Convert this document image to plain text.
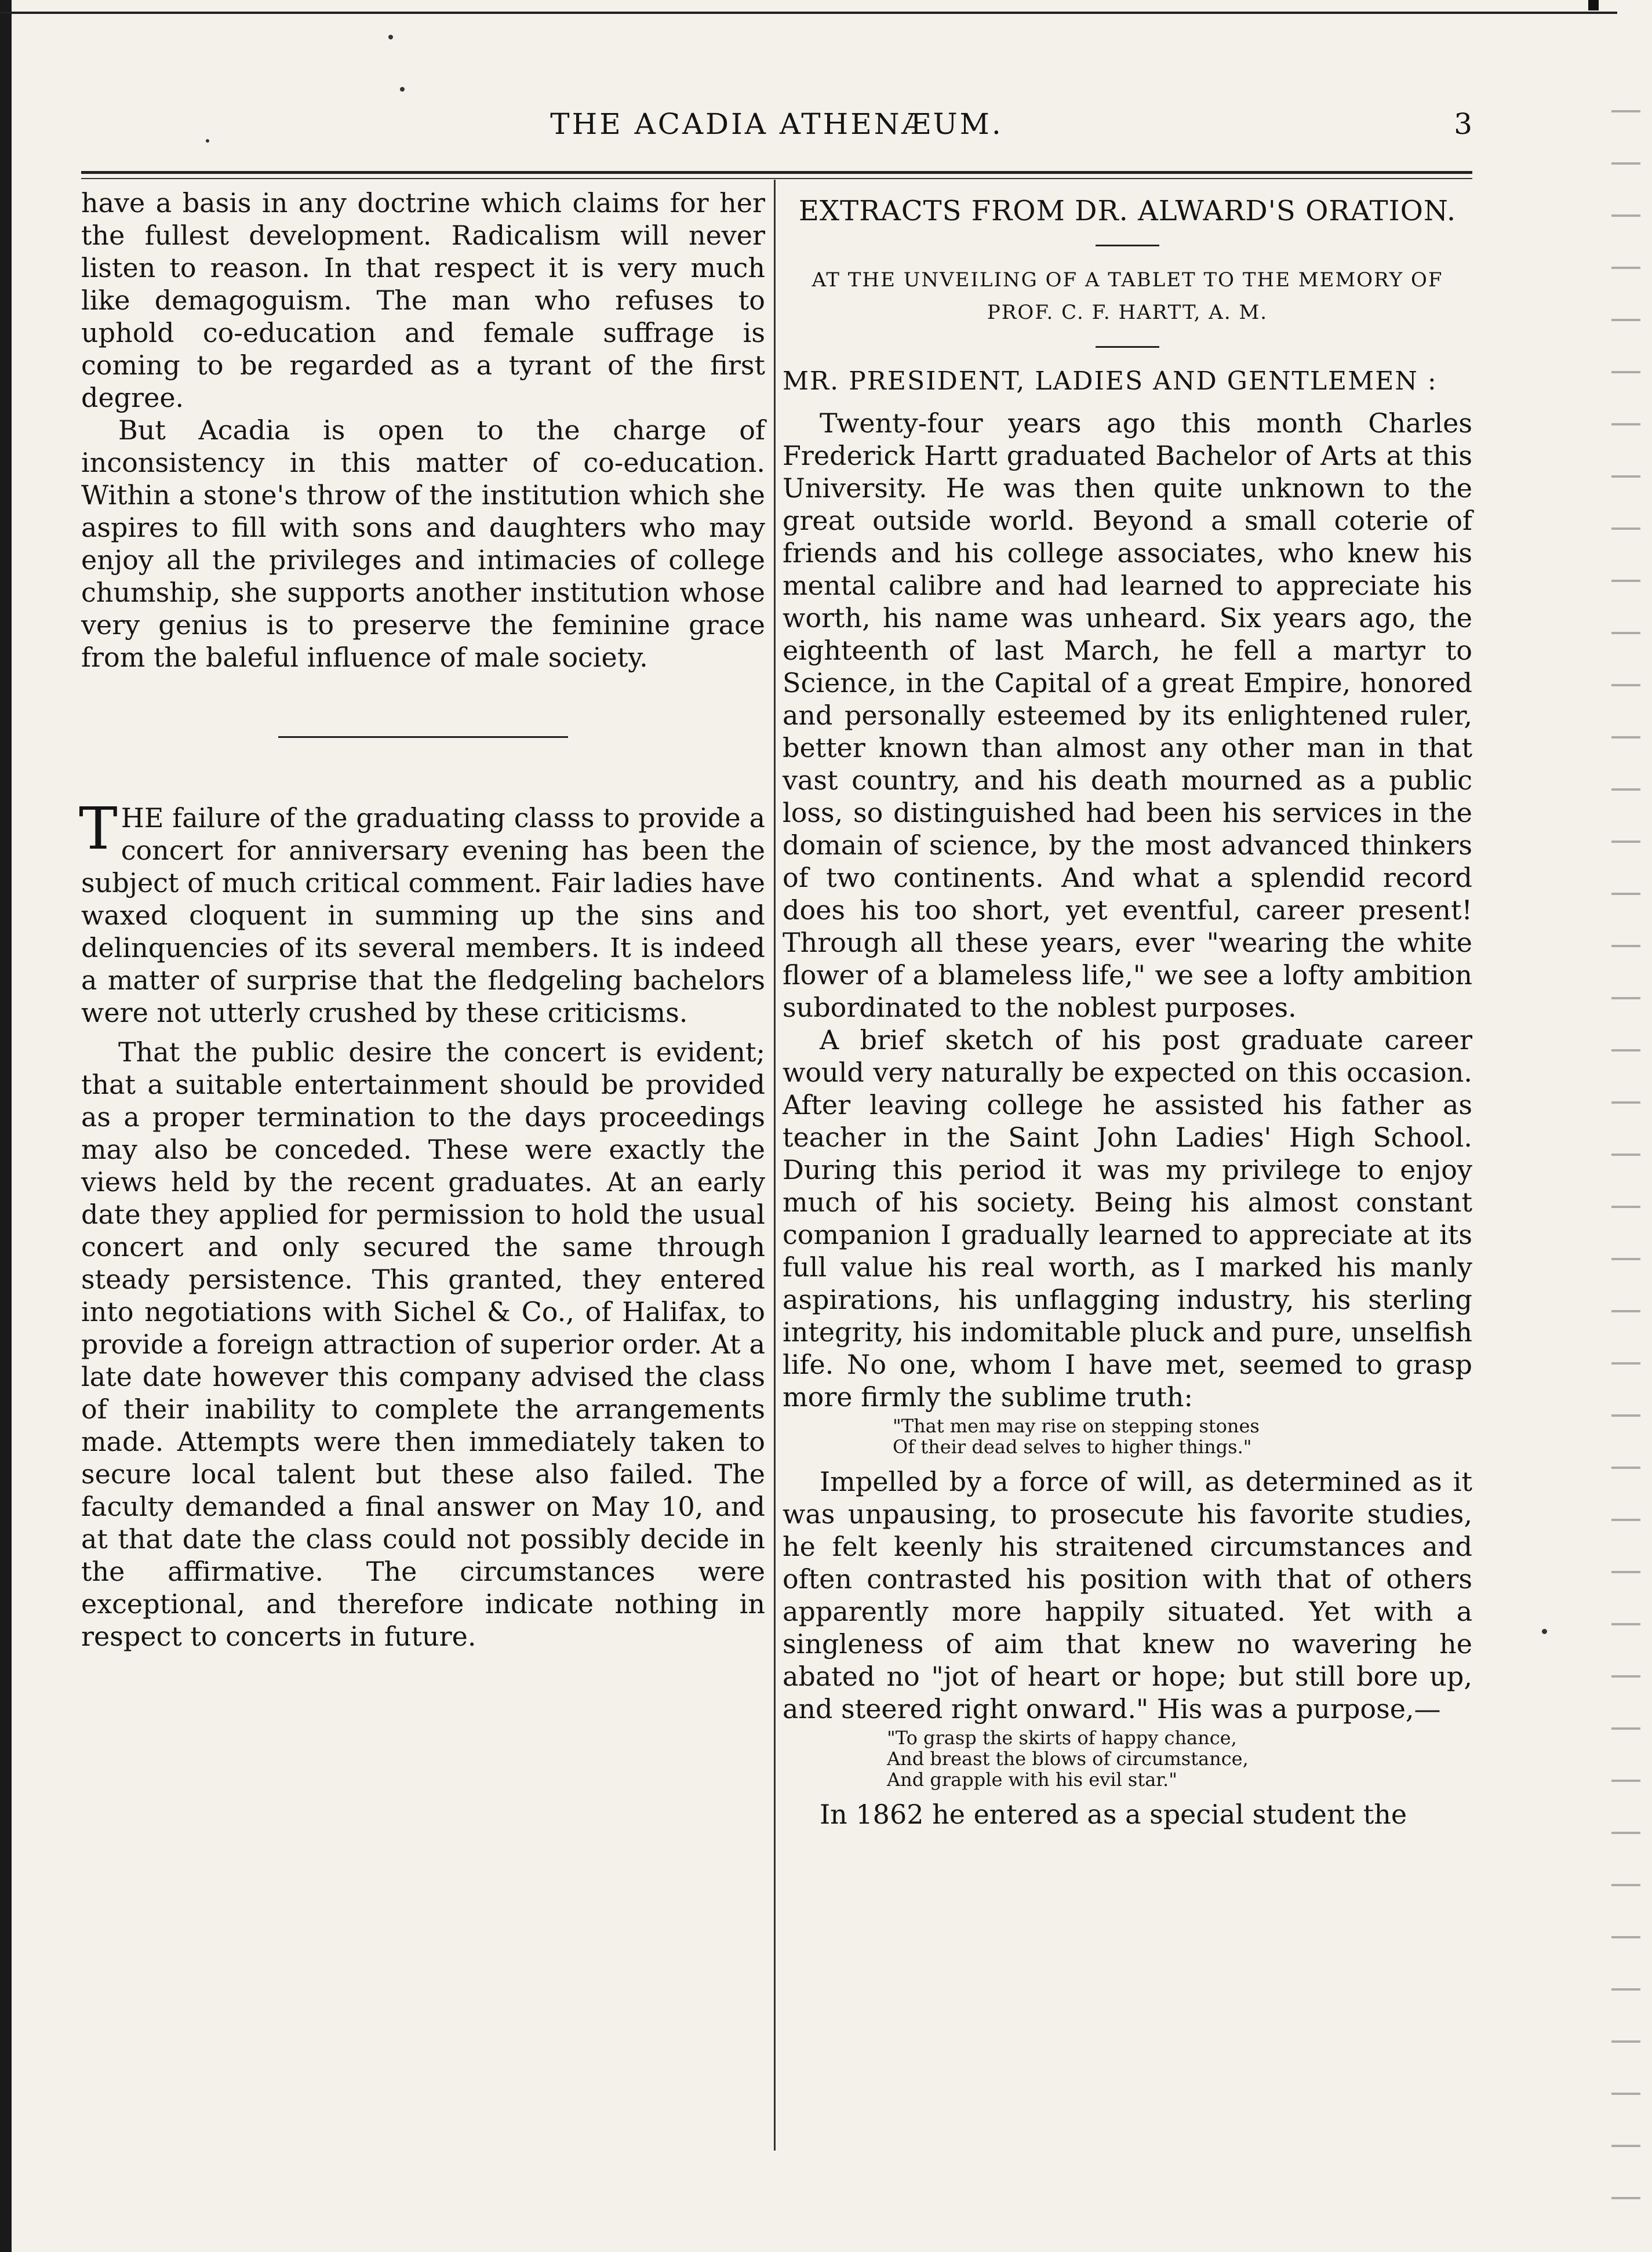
THE ACADIA ATHENÆUM.	3

have a basis in any doctrine which claims for her the fullest development. Radicalism will never listen to reason. In that respect it is very much like demagoguism. The man who refuses to uphold co-education and female suffrage is coming to be regarded as a tyrant of the first degree.

But Acadia is open to the charge of inconsistency in this matter of co-education. Within a stone's throw of the institution which she aspires to fill with sons and daughters who may enjoy all the privileges and intimacies of college chumship, she supports another institution whose very genius is to preserve the feminine grace from the baleful influence of male society.

THE failure of the graduating classs to provide a concert for anniversary evening has been the subject of much critical comment. Fair ladies have waxed cloquent in summing up the sins and delinquencies of its several members. It is indeed a matter of surprise that the fledgeling bachelors were not utterly crushed by these criticisms.

That the public desire the concert is evident; that a suitable entertainment should be provided as a proper termination to the days proceedings may also be conceded. These were exactly the views held by the recent graduates. At an early date they applied for permission to hold the usual concert and only secured the same through steady persistence. This granted, they entered into negotiations with Sichel & Co., of Halifax, to provide a foreign attraction of superior order. At a late date however this company advised the class of their inability to complete the arrangements made. Attempts were then immediately taken to secure local talent but these also failed. The faculty demanded a final answer on May 10, and at that date the class could not possibly decide in the affirmative. The circumstances were exceptional, and therefore indicate nothing in respect to concerts in future.

EXTRACTS FROM DR. ALWARD'S ORATION.

AT THE UNVEILING OF A TABLET TO THE MEMORY OF PROF. C. F. HARTT, A. M.

MR. PRESIDENT, LADIES AND GENTLEMEN :

Twenty-four years ago this month Charles Frederick Hartt graduated Bachelor of Arts at this University. He was then quite unknown to the great outside world. Beyond a small coterie of friends and his college associates, who knew his mental calibre and had learned to appreciate his worth, his name was unheard. Six years ago, the eighteenth of last March, he fell a martyr to Science, in the Capital of a great Empire, honored and personally esteemed by its enlightened ruler, better known than almost any other man in that vast country, and his death mourned as a public loss, so distinguished had been his services in the domain of science, by the most advanced thinkers of two continents. And what a splendid record does his too short, yet eventful, career present! Through all these years, ever "wearing the white flower of a blameless life," we see a lofty ambition subordinated to the noblest purposes.

A brief sketch of his post graduate career would very naturally be expected on this occasion. After leaving college he assisted his father as teacher in the Saint John Ladies' High School. During this period it was my privilege to enjoy much of his society. Being his almost constant companion I gradually learned to appreciate at its full value his real worth, as I marked his manly aspirations, his unflagging industry, his sterling integrity, his indomitable pluck and pure, unselfish life. No one, whom I have met, seemed to grasp more firmly the sublime truth:

"That men may rise on stepping stones
Of their dead selves to higher things."

Impelled by a force of will, as determined as it was unpausing, to prosecute his favorite studies, he felt keenly his straitened circumstances and often contrasted his position with that of others apparently more happily situated. Yet with a singleness of aim that knew no wavering he abated no "jot of heart or hope; but still bore up, and steered right onward." His was a purpose,—

"To grasp the skirts of happy chance,
And breast the blows of circumstance,
And grapple with his evil star."

In 1862 he entered as a special student the
